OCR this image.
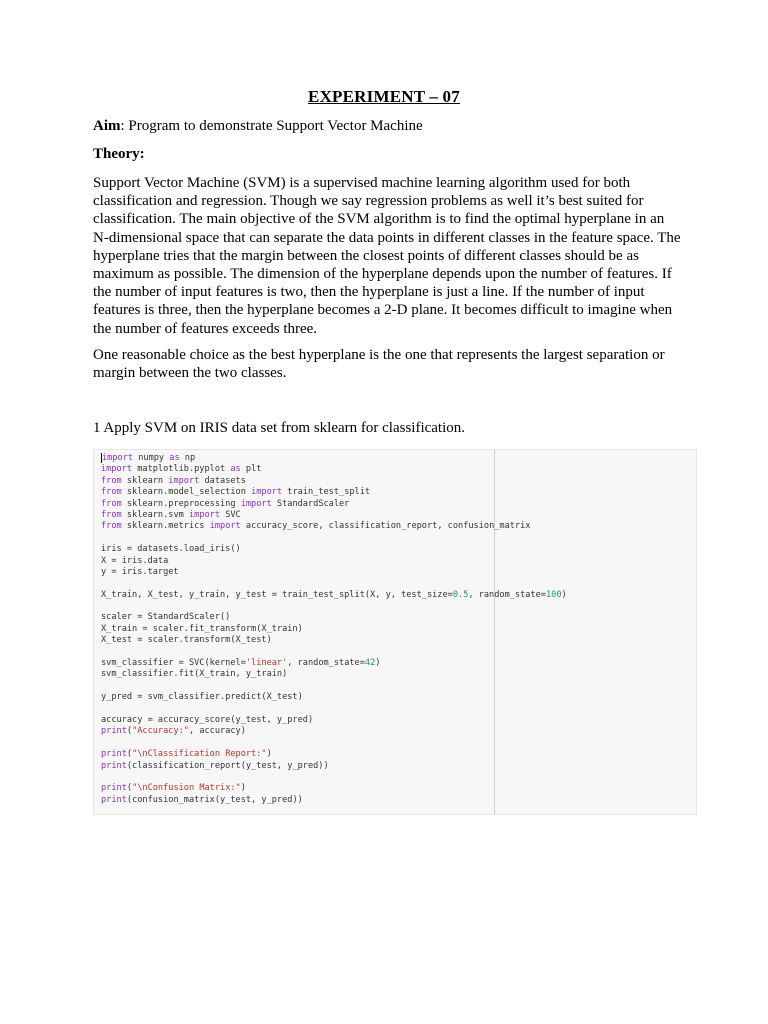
EXPERIMENT – 07
Aim: Program to demonstrate Support Vector Machine
Theory:

Support Vector Machine (SVM) is a supervised machine learning algorithm used for both classification and regression. Though we say regression problems as well it’s best suited for classification. The main objective of the SVM algorithm is to find the optimal hyperplane in an N-dimensional space that can separate the data points in different classes in the feature space. The hyperplane tries that the margin between the closest points of different classes should be as maximum as possible. The dimension of the hyperplane depends upon the number of features. If the number of input features is two, then the hyperplane is just a line. If the number of input features is three, then the hyperplane becomes a 2-D plane. It becomes difficult to imagine when the number of features exceeds three.

One reasonable choice as the best hyperplane is the one that represents the largest separation or margin between the two classes.

1 Apply SVM on IRIS data set from sklearn for classification.
import numpy as np
import matplotlib.pyplot as plt
from sklearn import datasets
from sklearn.model_selection import train_test_split
from sklearn.preprocessing import StandardScaler
from sklearn.svm import SVC
from sklearn.metrics import accuracy_score, classification_report, confusion_matrix

iris = datasets.load_iris()
X = iris.data
y = iris.target

X_train, X_test, y_train, y_test = train_test_split(X, y, test_size=0.5, random_state=100)

scaler = StandardScaler()
X_train = scaler.fit_transform(X_train)
X_test = scaler.transform(X_test)

svm_classifier = SVC(kernel='linear', random_state=42)
svm_classifier.fit(X_train, y_train)

y_pred = svm_classifier.predict(X_test)

accuracy = accuracy_score(y_test, y_pred)
print("Accuracy:", accuracy)

print("\nClassification Report:")
print(classification_report(y_test, y_pred))

print("\nConfusion Matrix:")
print(confusion_matrix(y_test, y_pred))
